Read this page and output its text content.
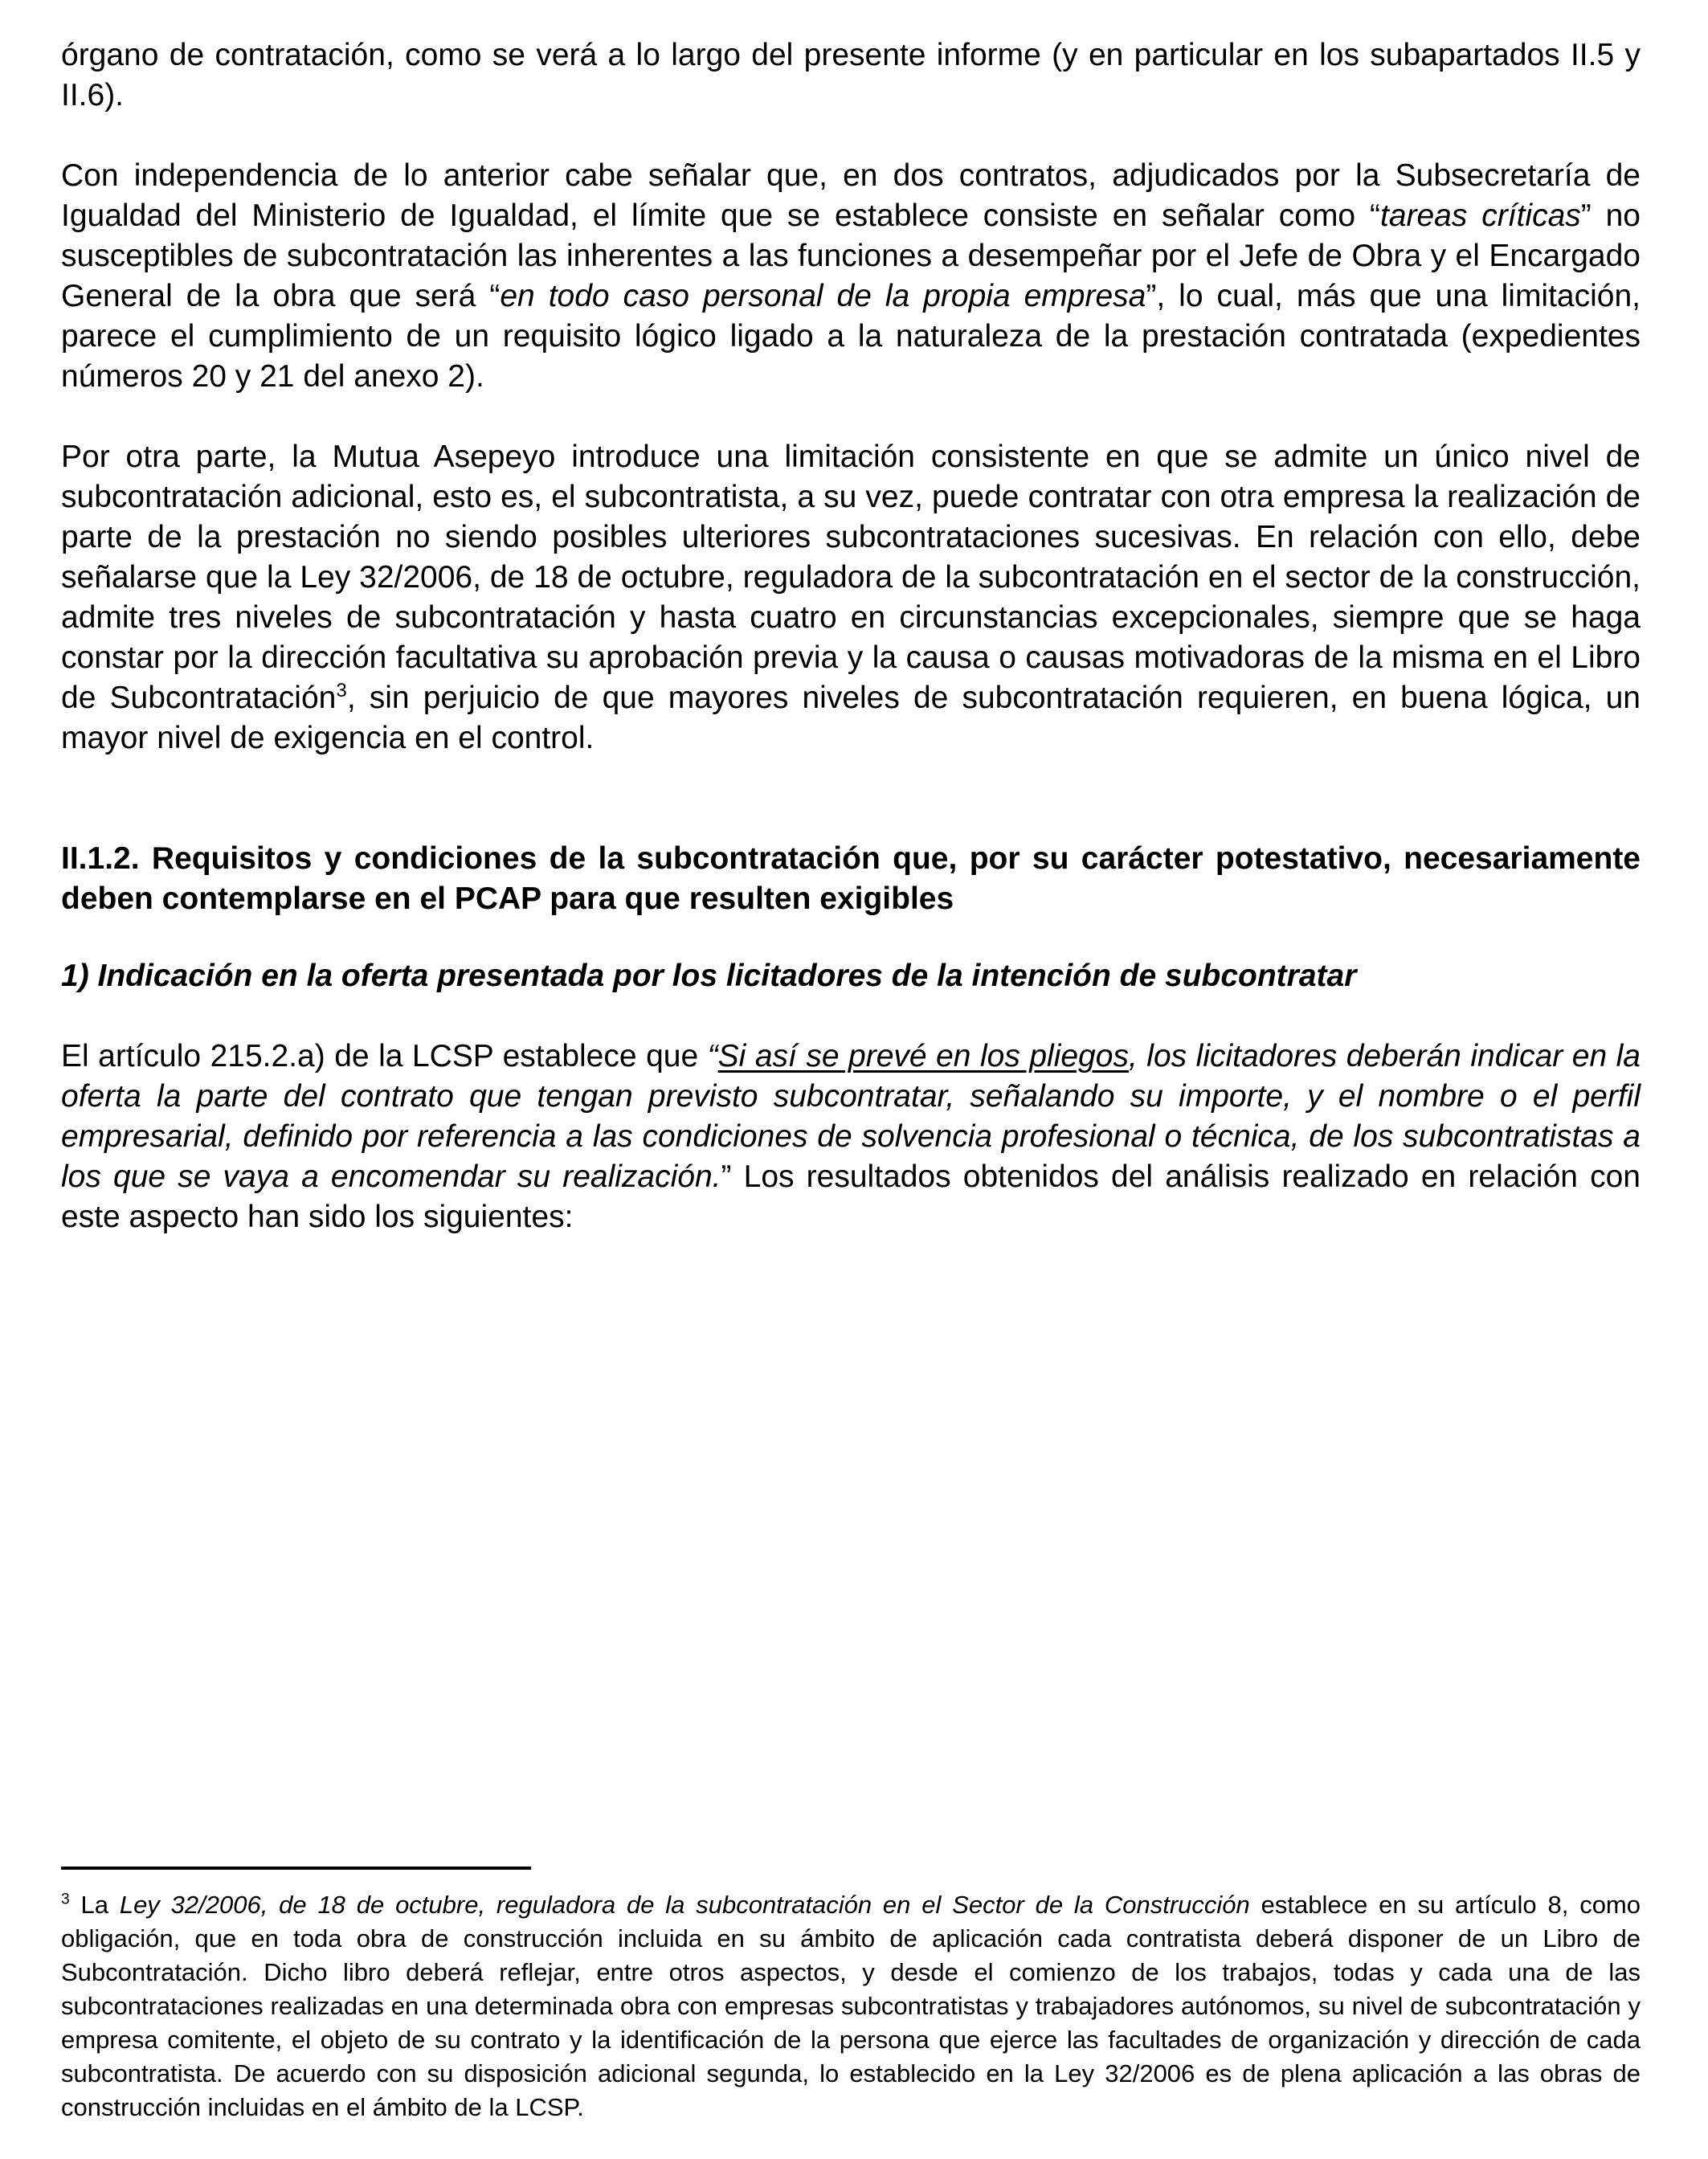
órgano de contratación, como se verá a lo largo del presente informe (y en particular en los subapartados II.5 y II.6).

Con independencia de lo anterior cabe señalar que, en dos contratos, adjudicados por la Subsecretaría de Igualdad del Ministerio de Igualdad, el límite que se establece consiste en señalar como “tareas críticas” no susceptibles de subcontratación las inherentes a las funciones a desempeñar por el Jefe de Obra y el Encargado General de la obra que será “en todo caso personal de la propia empresa”, lo cual, más que una limitación, parece el cumplimiento de un requisito lógico ligado a la naturaleza de la prestación contratada (expedientes números 20 y 21 del anexo 2).

Por otra parte, la Mutua Asepeyo introduce una limitación consistente en que se admite un único nivel de subcontratación adicional, esto es, el subcontratista, a su vez, puede contratar con otra empresa la realización de parte de la prestación no siendo posibles ulteriores subcontrataciones sucesivas. En relación con ello, debe señalarse que la Ley 32/2006, de 18 de octubre, reguladora de la subcontratación en el sector de la construcción, admite tres niveles de subcontratación y hasta cuatro en circunstancias excepcionales, siempre que se haga constar por la dirección facultativa su aprobación previa y la causa o causas motivadoras de la misma en el Libro de Subcontratación$^3$, sin perjuicio de que mayores niveles de subcontratación requieren, en buena lógica, un mayor nivel de exigencia en el control.

II.1.2. Requisitos y condiciones de la subcontratación que, por su carácter potestativo, necesariamente deben contemplarse en el PCAP para que resulten exigibles
1) Indicación en la oferta presentada por los licitadores de la intención de subcontratar

El artículo 215.2.a) de la LCSP establece que “Si así se prevé en los pliegos, los licitadores deberán indicar en la oferta la parte del contrato que tengan previsto subcontratar, señalando su importe, y el nombre o el perfil empresarial, definido por referencia a las condiciones de solvencia profesional o técnica, de los subcontratistas a los que se vaya a encomendar su realización.” Los resultados obtenidos del análisis realizado en relación con este aspecto han sido los siguientes:

$^3$ La Ley 32/2006, de 18 de octubre, reguladora de la subcontratación en el Sector de la Construcción establece en su artículo 8, como obligación, que en toda obra de construcción incluida en su ámbito de aplicación cada contratista deberá disponer de un Libro de Subcontratación. Dicho libro deberá reflejar, entre otros aspectos, y desde el comienzo de los trabajos, todas y cada una de las subcontrataciones realizadas en una determinada obra con empresas subcontratistas y trabajadores autónomos, su nivel de subcontratación y empresa comitente, el objeto de su contrato y la identificación de la persona que ejerce las facultades de organización y dirección de cada subcontratista. De acuerdo con su disposición adicional segunda, lo establecido en la Ley 32/2006 es de plena aplicación a las obras de construcción incluidas en el ámbito de la LCSP.
